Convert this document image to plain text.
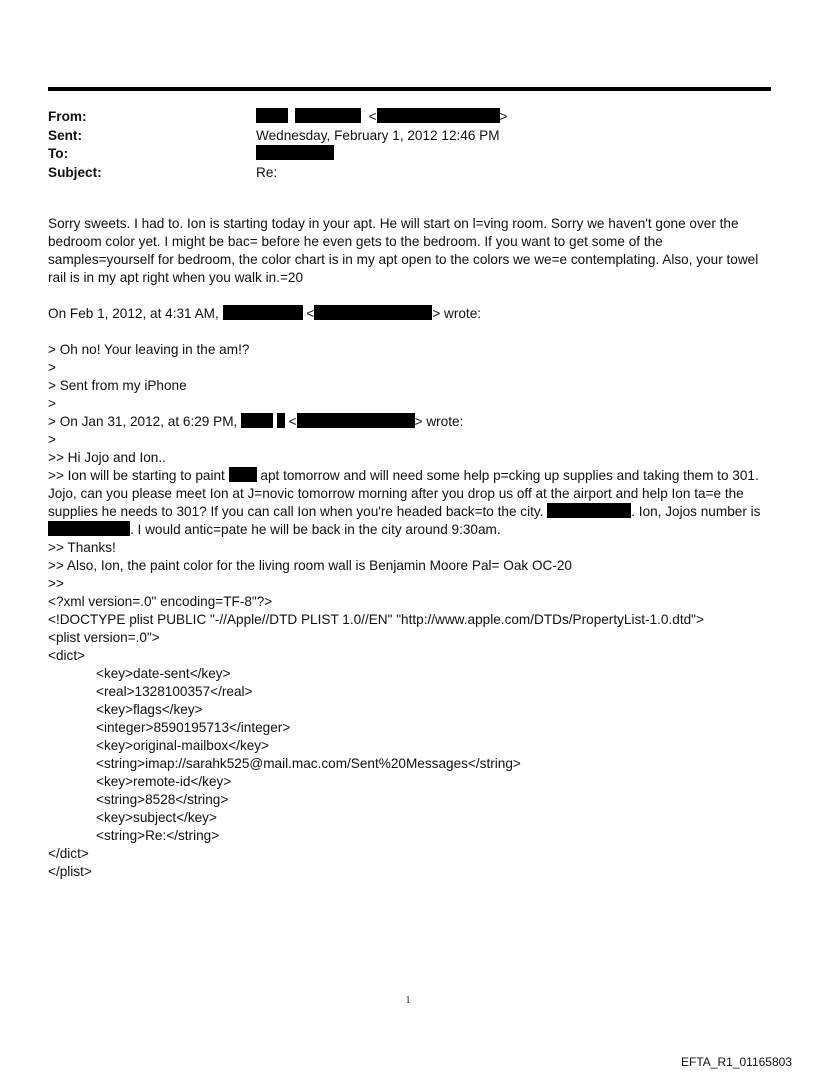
From:	<	>
Sent:	Wednesday, February 1, 2012 12:46 PM
To:
Subject:	Re:

Sorry sweets. I had to. Ion is starting today in your apt. He will start on l=ving room. Sorry we haven't gone over the bedroom color yet. I might be bac= before he even gets to the bedroom. If you want to get some of the samples=yourself for bedroom, the color chart is in my apt open to the colors we we=e contemplating. Also, your towel rail is in my apt right when you walk in.=20

On Feb 1, 2012, at 4:31 AM,	<	> wrote:

> Oh no! Your leaving in the am!?

>

> Sent from my iPhone

>

> On Jan 31, 2012, at 6:29 PM,	<	> wrote:

>

>> Hi Jojo and Ion..

>> Ion will be starting to paint	apt tomorrow and will need some help p=cking up supplies and taking them to 301. Jojo, can you please meet Ion at J=novic tomorrow morning after you drop us off at the airport and help Ion ta=e the supplies he needs to 301? If you can call Ion when you're headed back=to the city.	. Ion, Jojos number is . I would antic=pate he will be back in the city around 9:30am.

>> Thanks!

>> Also, Ion, the paint color for the living room wall is Benjamin Moore Pal= Oak OC-20

>>

<?xml version=.0" encoding=TF-8"?>

<!DOCTYPE plist PUBLIC "-//Apple//DTD PLIST 1.0//EN" "http://www.apple.com/DTDs/PropertyList-1.0.dtd">

<plist version=.0">

<dict>

<key>date-sent</key>

<real>1328100357</real>

<key>flags</key>

<integer>8590195713</integer>

<key>original-mailbox</key>

<string>imap://sarahk525@mail.mac.com/Sent%20Messages</string>

<key>remote-id</key>

<string>8528</string>

<key>subject</key>

<string>Re:</string>

</dict>

</plist>

1
EFTA_R1_01165803
